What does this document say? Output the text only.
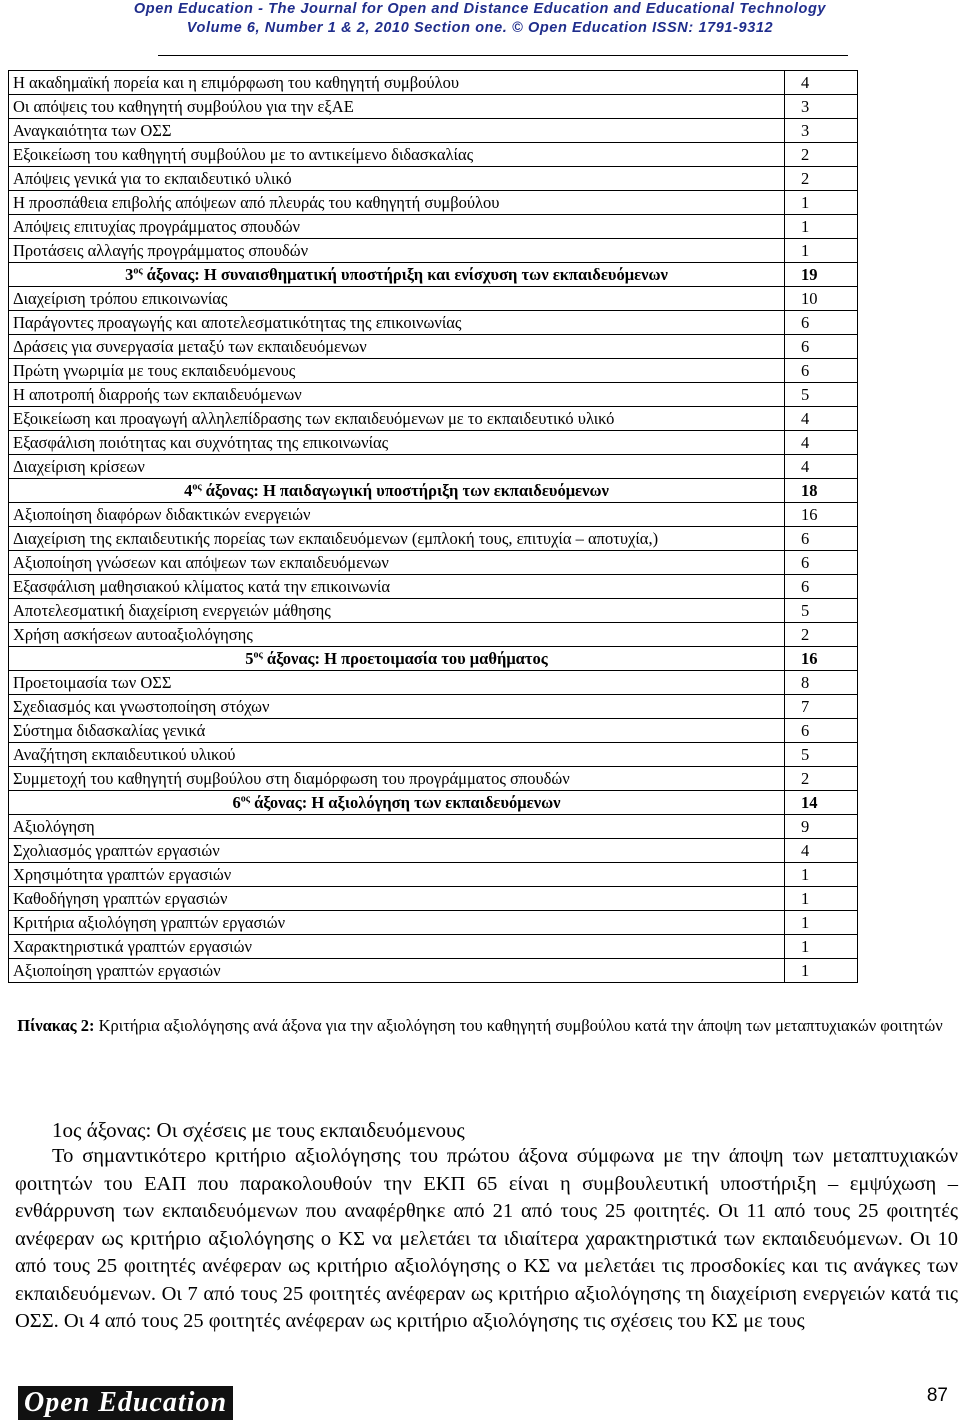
Open Education - The Journal for Open and Distance Education and Educational Technology
Volume 6, Number 1 & 2, 2010 Section one. © Open Education ISSN: 1791-9312
Η ακαδημαϊκή πορεία και η επιμόρφωση του καθηγητή συμβούλου	4
Οι απόψεις του καθηγητή συμβούλου για την εξΑΕ	3
Αναγκαιότητα των ΟΣΣ	3
Εξοικείωση του καθηγητή συμβούλου με το αντικείμενο διδασκαλίας	2
Απόψεις γενικά για το εκπαιδευτικό υλικό	2
Η προσπάθεια επιβολής απόψεων από πλευράς του καθηγητή συμβούλου	1
Απόψεις επιτυχίας προγράμματος σπουδών	1
Προτάσεις αλλαγής προγράμματος σπουδών	1
$3^{o\varsigma}$ άξονας: Η συναισθηματική υποστήριξη και ενίσχυση των εκπαιδευόμενων	19
Διαχείριση τρόπου επικοινωνίας	10
Παράγοντες προαγωγής και αποτελεσματικότητας της επικοινωνίας	6
Δράσεις για συνεργασία μεταξύ των εκπαιδευόμενων	6
Πρώτη γνωριμία με τους εκπαιδευόμενους	6
Η αποτροπή διαρροής των εκπαιδευόμενων	5
Εξοικείωση και προαγωγή αλληλεπίδρασης των εκπαιδευόμενων με το εκπαιδευτικό υλικό	4
Εξασφάλιση ποιότητας και συχνότητας της επικοινωνίας	4
Διαχείριση κρίσεων	4
$4^{o\varsigma}$ άξονας: Η παιδαγωγική υποστήριξη των εκπαιδευόμενων	18
Αξιοποίηση διαφόρων διδακτικών ενεργειών	16
Διαχείριση της εκπαιδευτικής πορείας των εκπαιδευόμενων (εμπλοκή τους, επιτυχία – αποτυχία,)	6
Αξιοποίηση γνώσεων και απόψεων των εκπαιδευόμενων	6
Εξασφάλιση μαθησιακού κλίματος κατά την επικοινωνία	6
Αποτελεσματική διαχείριση ενεργειών μάθησης	5
Χρήση ασκήσεων αυτοαξιολόγησης	2
$5^{o\varsigma}$ άξονας: Η προετοιμασία του μαθήματος	16
Προετοιμασία των ΟΣΣ	8
Σχεδιασμός και γνωστοποίηση στόχων	7
Σύστημα διδασκαλίας γενικά	6
Αναζήτηση εκπαιδευτικού υλικού	5
Συμμετοχή του καθηγητή συμβούλου στη διαμόρφωση του προγράμματος σπουδών	2
$6^{o\varsigma}$ άξονας: Η αξιολόγηση των εκπαιδευόμενων	14
Αξιολόγηση	9
Σχολιασμός γραπτών εργασιών	4
Χρησιμότητα γραπτών εργασιών	1
Καθοδήγηση γραπτών εργασιών	1
Κριτήρια αξιολόγηση γραπτών εργασιών	1
Χαρακτηριστικά γραπτών εργασιών	1
Αξιοποίηση γραπτών εργασιών	1
Πίνακας 2: Κριτήρια αξιολόγησης ανά άξονα για την αξιολόγηση του καθηγητή συμβούλου κατά την άποψη των μεταπτυχιακών φοιτητών
1ος άξονας: Οι σχέσεις με τους εκπαιδευόμενους
Το σημαντικότερο κριτήριο αξιολόγησης του πρώτου άξονα σύμφωνα με την άποψη των μεταπτυχιακών φοιτητών του ΕΑΠ που παρακολουθούν την ΕΚΠ 65 είναι η συμβουλευτική υποστήριξη – εμψύχωση – ενθάρρυνση των εκπαιδευόμενων που αναφέρθηκε από 21 από τους 25 φοιτητές. Οι 11 από τους 25 φοιτητές ανέφεραν ως κριτήριο αξιολόγησης ο ΚΣ να μελετάει τα ιδιαίτερα χαρακτηριστικά των εκπαιδευόμενων. Οι 10 από τους 25 φοιτητές ανέφεραν ως κριτήριο αξιολόγησης ο ΚΣ να μελετάει τις προσδοκίες και τις ανάγκες των εκπαιδευόμενων. Οι 7 από τους 25 φοιτητές ανέφεραν ως κριτήριο αξιολόγησης τη διαχείριση ενεργειών κατά τις ΟΣΣ. Οι 4 από τους 25 φοιτητές ανέφεραν ως κριτήριο αξιολόγησης τις σχέσεις του ΚΣ με τους
Open Education	87
